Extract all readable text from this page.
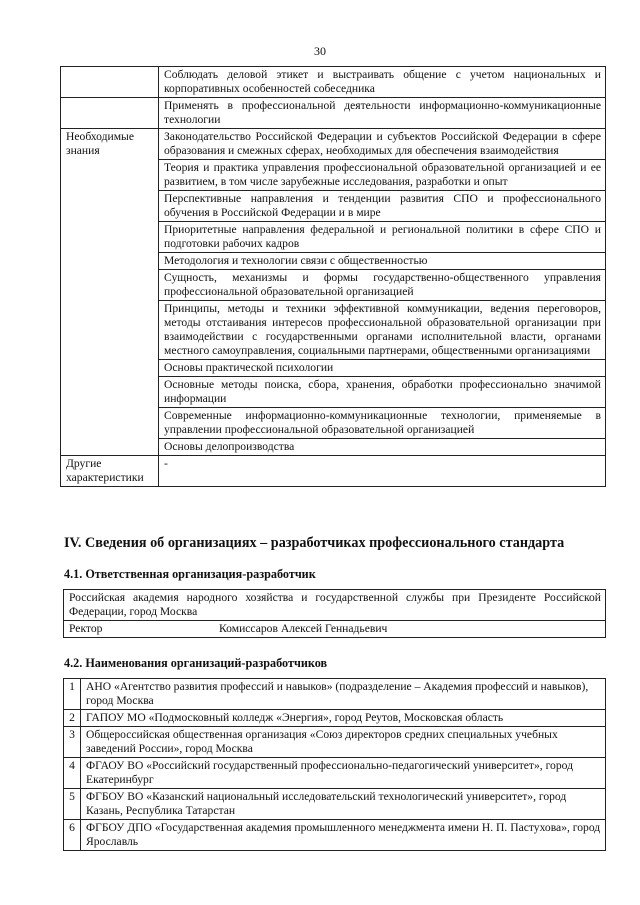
30
	Соблюдать деловой этикет и выстраивать общение с учетом национальных и корпоративных особенностей собеседника
	Применять в профессиональной деятельности информационно-коммуникационные технологии
Необходимые знания	Законодательство Российской Федерации и субъектов Российской Федерации в сфере образования и смежных сферах, необходимых для обеспечения взаимодействия
	Теория и практика управления профессиональной образовательной организацией и ее развитием, в том числе зарубежные исследования, разработки и опыт
	Перспективные направления и тенденции развития СПО и профессионального обучения в Российской Федерации и в мире
	Приоритетные направления федеральной и региональной политики в сфере СПО и подготовки рабочих кадров
	Методология и технологии связи с общественностью
	Сущность, механизмы и формы государственно-общественного управления профессиональной образовательной организацией
	Принципы, методы и техники эффективной коммуникации, ведения переговоров, методы отстаивания интересов профессиональной образовательной организации при взаимодействии с государственными органами исполнительной власти, органами местного самоуправления, социальными партнерами, общественными организациями
	Основы практической психологии
	Основные методы поиска, сбора, хранения, обработки профессионально значимой информации
	Современные информационно-коммуникационные технологии, применяемые в управлении профессиональной образовательной организацией
	Основы делопроизводства
Другие характеристики	-
IV. Сведения об организациях – разработчиках профессионального стандарта
4.1. Ответственная организация-разработчик
Российская академия народного хозяйства и государственной службы при Президенте Российской Федерации, город Москва

Ректор	Комиссаров Алексей Геннадьевич
4.2. Наименования организаций-разработчиков
1	АНО «Агентство развития профессий и навыков» (подразделение – Академия профессий и навыков), город Москва
2	ГАПОУ МО «Подмосковный колледж «Энергия», город Реутов, Московская область
3	Общероссийская общественная организация «Союз директоров средних специальных учебных заведений России», город Москва
4	ФГАОУ ВО «Российский государственный профессионально-педагогический университет», город Екатеринбург
5	ФГБОУ ВО «Казанский национальный исследовательский технологический университет», город Казань, Республика Татарстан
6	ФГБОУ ДПО «Государственная академия промышленного менеджмента имени Н. П. Пастухова», город Ярославль
